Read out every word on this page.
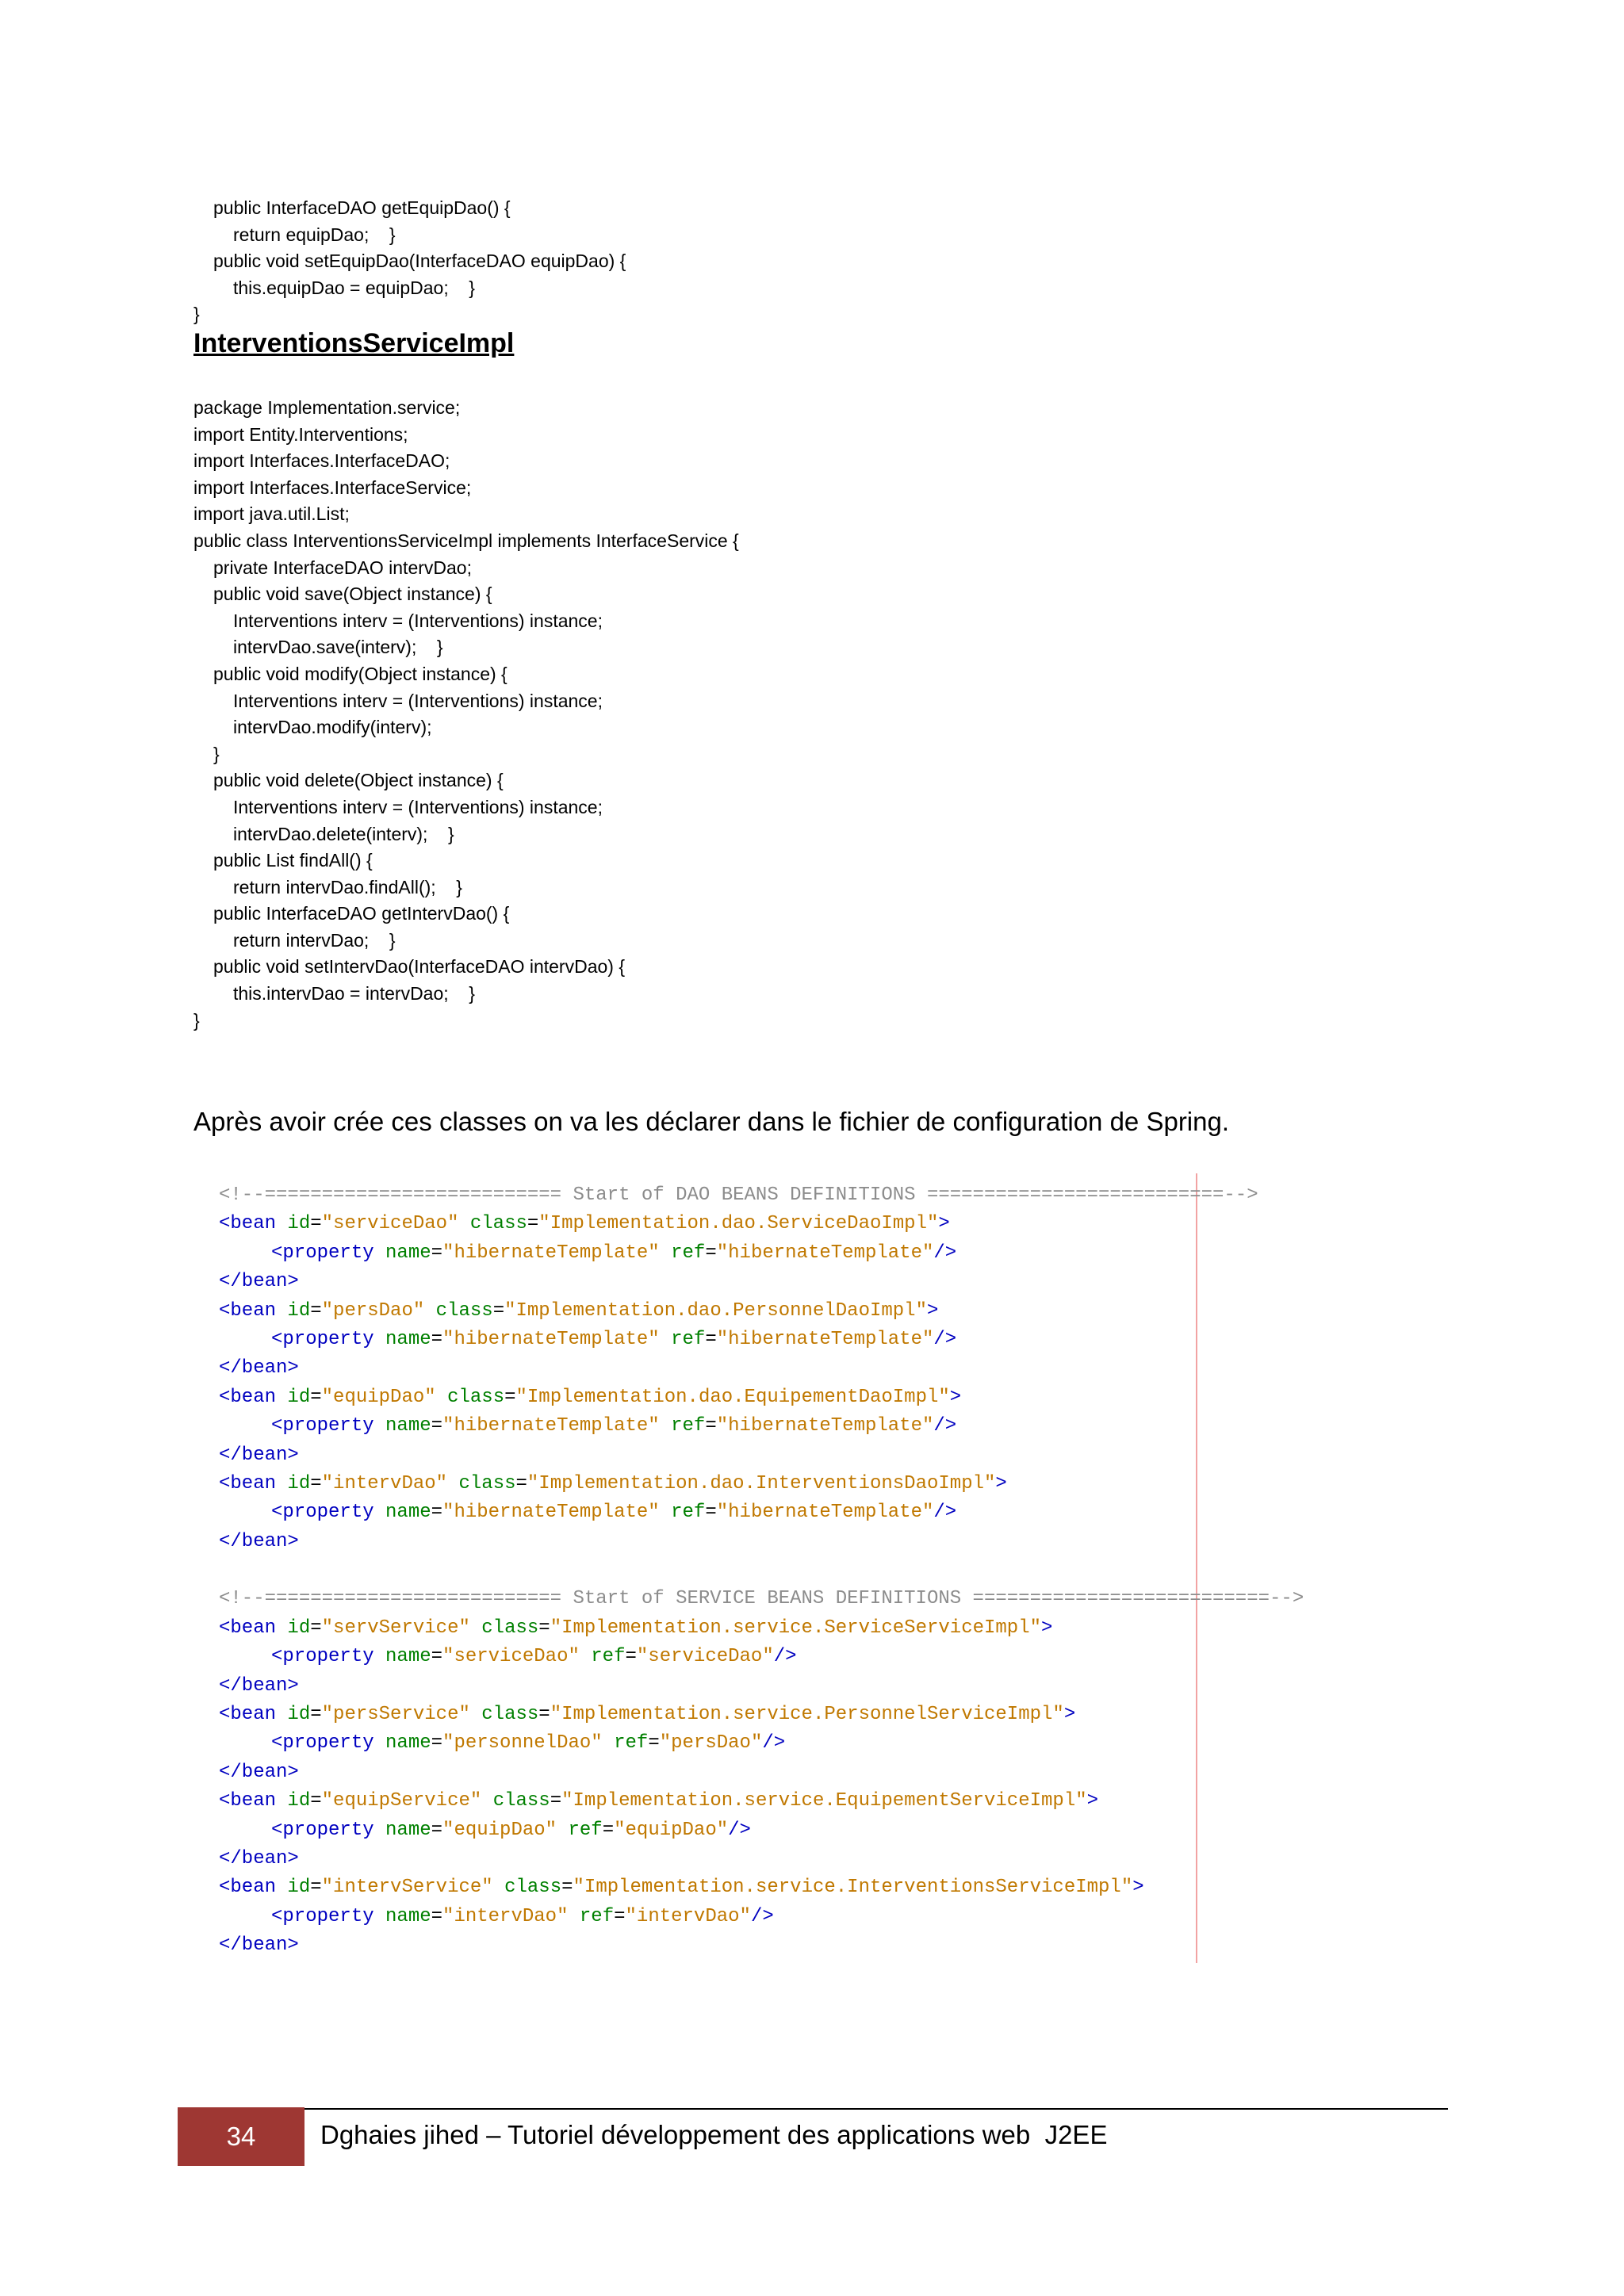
public InterfaceDAO getEquipDao() {
return equipDao;    }
public void setEquipDao(InterfaceDAO equipDao) {
this.equipDao = equipDao;    }
}
InterventionsServiceImpl
package Implementation.service;
import Entity.Interventions;
import Interfaces.InterfaceDAO;
import Interfaces.InterfaceService;
import java.util.List;
public class InterventionsServiceImpl implements InterfaceService {
private InterfaceDAO intervDao;
public void save(Object instance) {
Interventions interv = (Interventions) instance;
intervDao.save(interv);    }
public void modify(Object instance) {
Interventions interv = (Interventions) instance;
intervDao.modify(interv);
}
public void delete(Object instance) {
Interventions interv = (Interventions) instance;
intervDao.delete(interv);    }
public List findAll() {
return intervDao.findAll();    }
public InterfaceDAO getIntervDao() {
return intervDao;    }
public void setIntervDao(InterfaceDAO intervDao) {
this.intervDao = intervDao;    }
}
Après avoir crée ces classes on va les déclarer dans le fichier de configuration de Spring.
<!--========================== Start of DAO BEANS DEFINITIONS ==========================-->
<bean id="serviceDao" class="Implementation.dao.ServiceDaoImpl">
<property name="hibernateTemplate" ref="hibernateTemplate"/>
</bean>
<bean id="persDao" class="Implementation.dao.PersonnelDaoImpl">
<property name="hibernateTemplate" ref="hibernateTemplate"/>
</bean>
<bean id="equipDao" class="Implementation.dao.EquipementDaoImpl">
<property name="hibernateTemplate" ref="hibernateTemplate"/>
</bean>
<bean id="intervDao" class="Implementation.dao.InterventionsDaoImpl">
<property name="hibernateTemplate" ref="hibernateTemplate"/>
</bean>
<!--========================== Start of SERVICE BEANS DEFINITIONS ==========================-->
<bean id="servService" class="Implementation.service.ServiceServiceImpl">
<property name="serviceDao" ref="serviceDao"/>
</bean>
<bean id="persService" class="Implementation.service.PersonnelServiceImpl">
<property name="personnelDao" ref="persDao"/>
</bean>
<bean id="equipService" class="Implementation.service.EquipementServiceImpl">
<property name="equipDao" ref="equipDao"/>
</bean>
<bean id="intervService" class="Implementation.service.InterventionsServiceImpl">
<property name="intervDao" ref="intervDao"/>
</bean>
34 Dghaies jihed – Tutoriel développement des applications web  J2EE
